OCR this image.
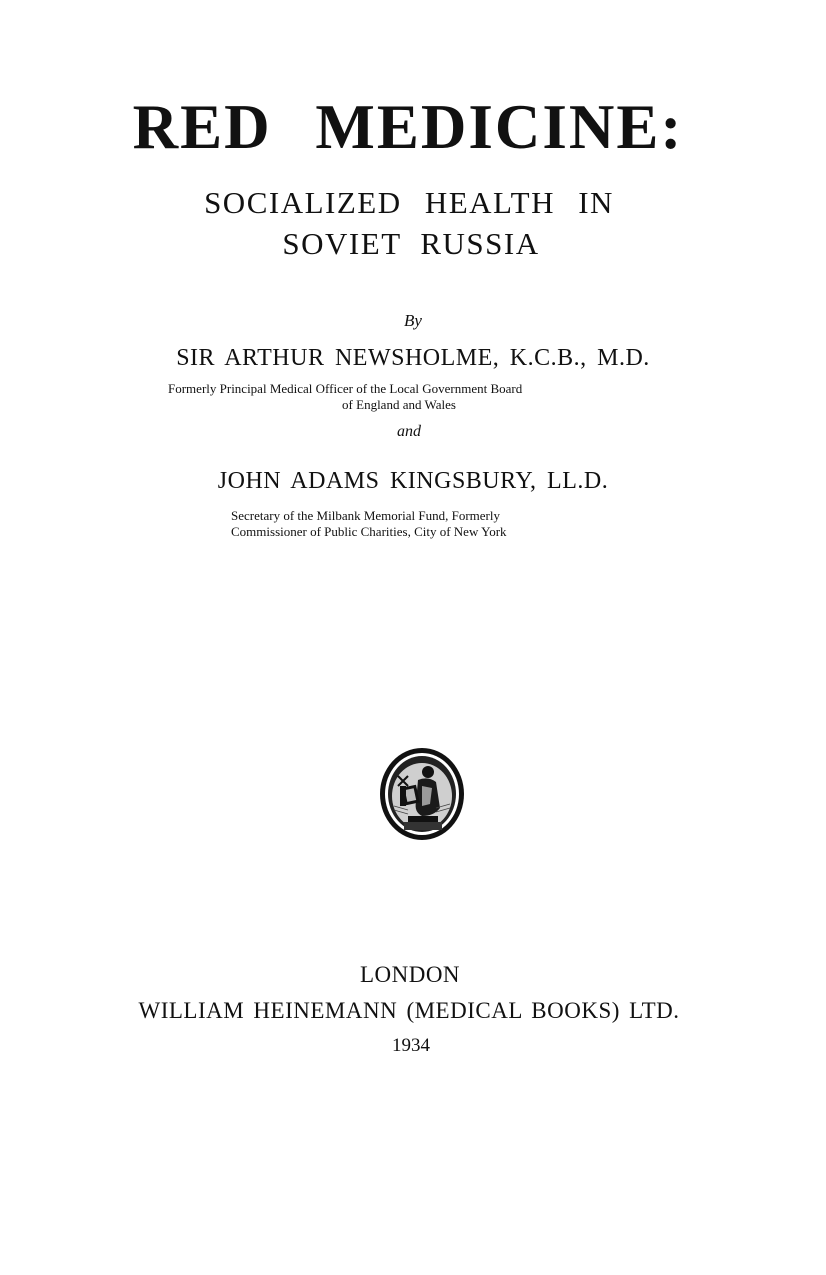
RED MEDICINE:
SOCIALIZED HEALTH IN
SOVIET RUSSIA
By
SIR ARTHUR NEWSHOLME, K.C.B., M.D.
Formerly Principal Medical Officer of the Local Government Board
of England and Wales
and
JOHN ADAMS KINGSBURY, LL.D.
Secretary of the Milbank Memorial Fund, Formerly
Commissioner of Public Charities, City of New York
LONDON
WILLIAM HEINEMANN (MEDICAL BOOKS) LTD.
1934
